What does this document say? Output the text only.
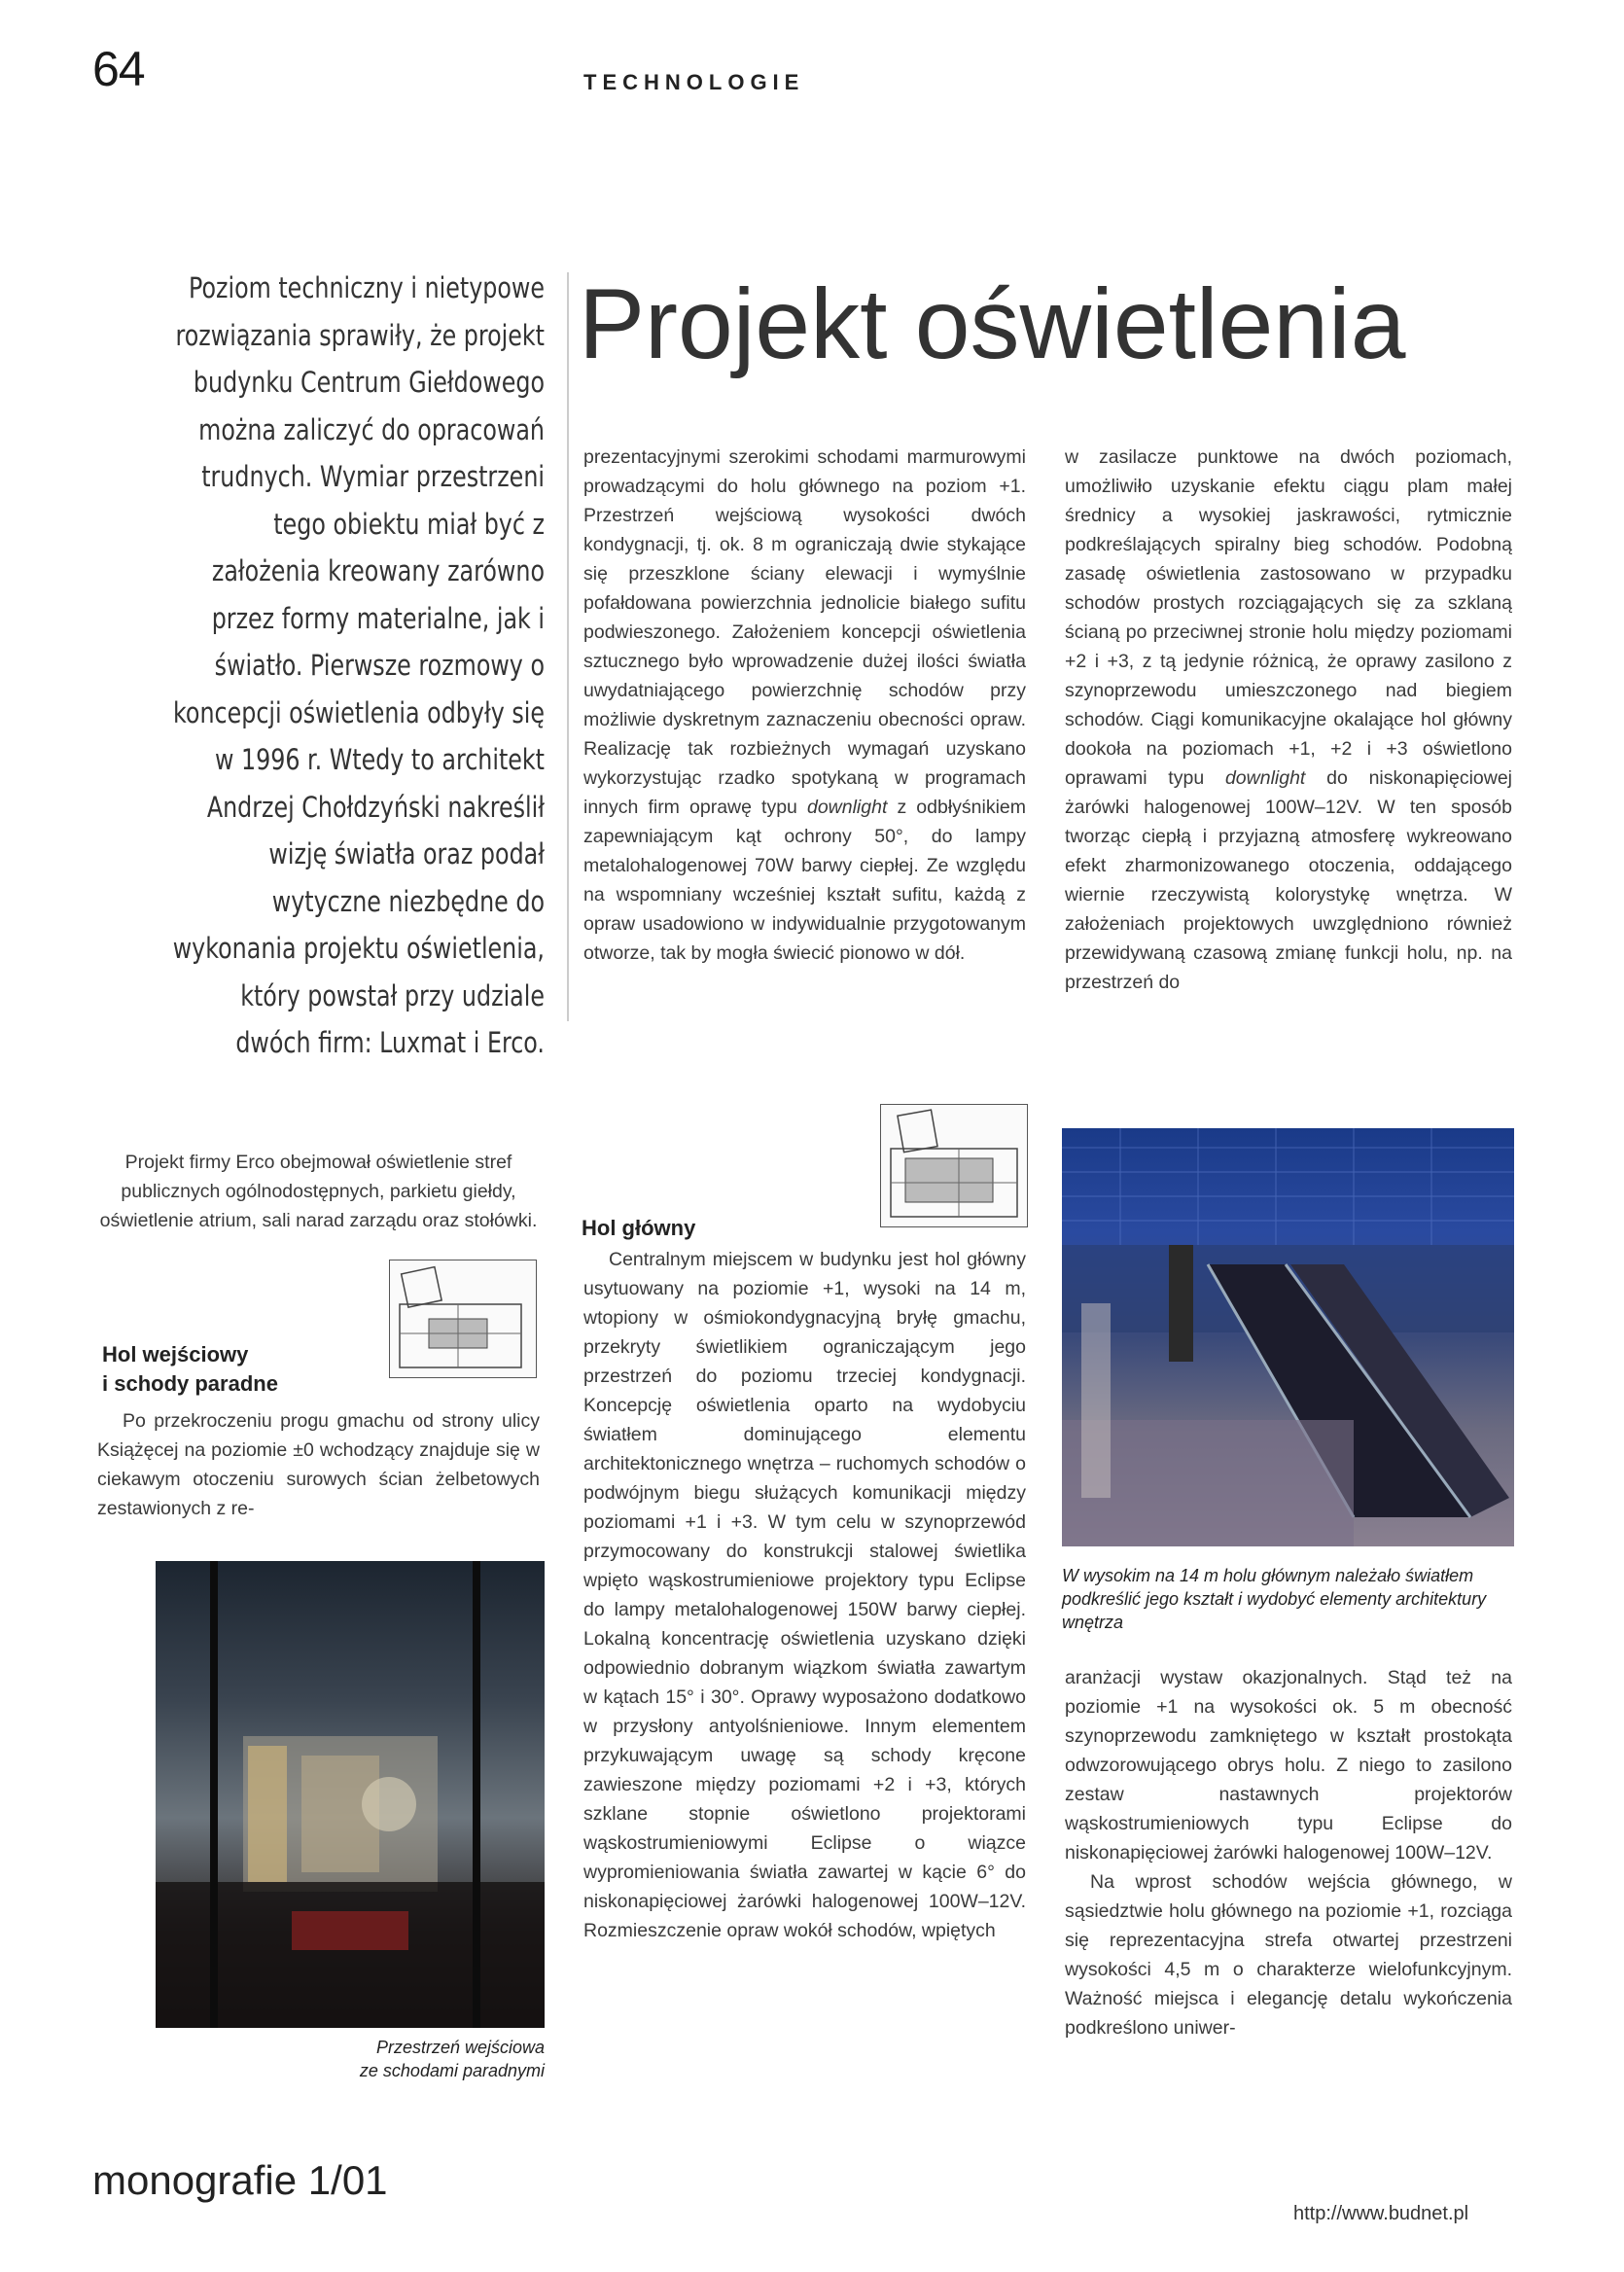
64	TECHNOLOGIE
Poziom techniczny i nietypowe rozwiązania sprawiły, że projekt budynku Centrum Giełdowego można zaliczyć do opracowań trudnych. Wymiar przestrzeni tego obiektu miał być z założenia kreowany zarówno przez formy materialne, jak i światło. Pierwsze rozmowy o koncepcji oświetlenia odbyły się w 1996 r. Wtedy to architekt Andrzej Chołdzyński nakreślił wizję światła oraz podał wytyczne niezbędne do wykonania projektu oświetlenia, który powstał przy udziale dwóch firm: Luxmat i Erco.
Projekt oświetlenia

prezentacyjnymi szerokimi schodami marmurowymi prowadzącymi do holu głównego na poziom +1. Przestrzeń wejściową wysokości dwóch kondygnacji, tj. ok. 8 m ograniczają dwie stykające się przeszklone ściany elewacji i wymyślnie pofałdowana powierzchnia jednolicie białego sufitu podwieszonego. Założeniem koncepcji oświetlenia sztucznego było wprowadzenie dużej ilości światła uwydatniającego powierzchnię schodów przy możliwie dyskretnym zaznaczeniu obecności opraw. Realizację tak rozbieżnych wymagań uzyskano wykorzystując rzadko spotykaną w programach innych firm oprawę typu downlight z odbłyśnikiem zapewniającym kąt ochrony 50°, do lampy metalohalogenowej 70W barwy ciepłej. Ze względu na wspomniany wcześniej kształt sufitu, każdą z opraw usadowiono w indywidualnie przygotowanym otworze, tak by mogła świecić pionowo w dół.

w zasilacze punktowe na dwóch poziomach, umożliwiło uzyskanie efektu ciągu plam małej średnicy a wysokiej jaskrawości, rytmicznie podkreślających spiralny bieg schodów. Podobną zasadę oświetlenia zastosowano w przypadku schodów prostych rozciągających się za szklaną ścianą po przeciwnej stronie holu między poziomami +2 i +3, z tą jedynie różnicą, że oprawy zasilono z szynoprzewodu umieszczonego nad biegiem schodów. Ciągi komunikacyjne okalające hol główny dookoła na poziomach +1, +2 i +3 oświetlono oprawami typu downlight do niskonapięciowej żarówki halogenowej 100W–12V. W ten sposób tworząc ciepłą i przyjazną atmosferę wykreowano efekt zharmonizowanego otoczenia, oddającego wiernie rzeczywistą kolorystykę wnętrza. W założeniach projektowych uwzględniono również przewidywaną czasową zmianę funkcji holu, np. na przestrzeń do

Projekt firmy Erco obejmował oświetlenie stref publicznych ogólnodostępnych, parkietu giełdy, oświetlenie atrium, sali narad zarządu oraz stołówki.
Hol wejściowy
i schody paradne
Hol główny

Po przekroczeniu progu gmachu od strony ulicy Książęcej na poziomie ±0 wchodzący znajduje się w ciekawym otoczeniu surowych ścian żelbetowych zestawionych z re-

Przestrzeń wejściowa
ze schodami paradnymi

Centralnym miejscem w budynku jest hol główny usytuowany na poziomie +1, wysoki na 14 m, wtopiony w ośmiokondygnacyjną bryłę gmachu, przekryty świetlikiem ograniczającym jego przestrzeń do poziomu trzeciej kondygnacji. Koncepcję oświetlenia oparto na wydobyciu światłem dominującego elementu architektonicznego wnętrza – ruchomych schodów o podwójnym biegu służących komunikacji między poziomami +1 i +3. W tym celu w szynoprzewód przymocowany do konstrukcji stalowej świetlika wpięto wąskostrumieniowe projektory typu Eclipse do lampy metalohalogenowej 150W barwy ciepłej. Lokalną koncentrację oświetlenia uzyskano dzięki odpowiednio dobranym wiązkom światła zawartym w kątach 15° i 30°. Oprawy wyposażono dodatkowo w przysłony antyolśnieniowe. Innym elementem przykuwającym uwagę są schody kręcone zawieszone między poziomami +2 i +3, których szklane stopnie oświetlono projektorami wąskostrumieniowymi Eclipse o wiązce wypromieniowania światła zawartej w kącie 6° do niskonapięciowej żarówki halogenowej 100W–12V. Rozmieszczenie opraw wokół schodów, wpiętych

W wysokim na 14 m holu głównym należało światłem podkreślić jego kształt i wydobyć elementy architektury wnętrza

aranżacji wystaw okazjonalnych. Stąd też na poziomie +1 na wysokości ok. 5 m obecność szynoprzewodu zamkniętego w kształt prostokąta odwzorowującego obrys holu. Z niego to zasilono zestaw nastawnych projektorów wąskostrumieniowych typu Eclipse do niskonapięciowej żarówki halogenowej 100W–12V.

Na wprost schodów wejścia głównego, w sąsiedztwie holu głównego na poziomie +1, rozciąga się reprezentacyjna strefa otwartej przestrzeni wysokości 4,5 m o charakterze wielofunkcyjnym. Ważność miejsca i elegancję detalu wykończenia podkreślono uniwer-

monografie 1/01
http://www.budnet.pl
